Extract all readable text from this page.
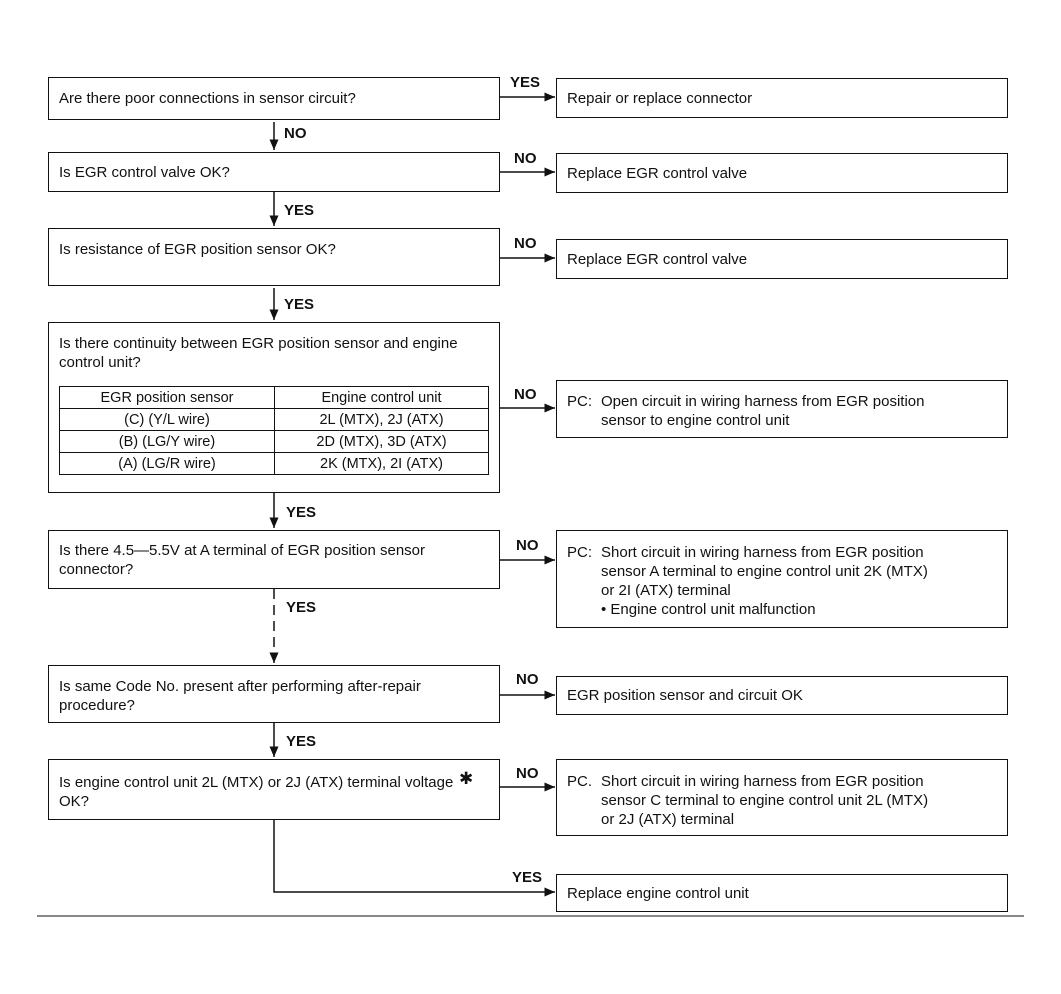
Are there poor connections in sensor circuit?
YES
Repair or replace connector
NO
Is EGR control valve OK?
NO
Replace EGR control valve
YES
Is resistance of EGR position sensor OK?	NO
Replace EGR control valve
YES
Is there continuity between EGR position sensor and engine control unit?
EGR position sensor	Engine control unit
(C) (Y/L wire)	2L (MTX), 2J (ATX)
(B) (LG/Y wire)	2D (MTX), 3D (ATX)
(A) (LG/R wire)	2K (MTX), 2I (ATX)
NO PC: Open circuit in wiring harness from EGR position
sensor to engine control unit
YES
Is there 4.5—5.5V at A terminal of EGR position sensor connector?
NO PC: Short circuit in wiring harness from EGR position
sensor A terminal to engine control unit 2K (MTX)
or 2I (ATX) terminal
• Engine control unit malfunction
YES
Is same Code No. present after performing after-repair procedure?
NO
EGR position sensor and circuit OK
YES
Is engine control unit 2L (MTX) or 2J (ATX) terminal voltage OK?
✱	NO PC. Short circuit in wiring harness from EGR position
sensor C terminal to engine control unit 2L (MTX)
or 2J (ATX) terminal
YES
Replace engine control unit
